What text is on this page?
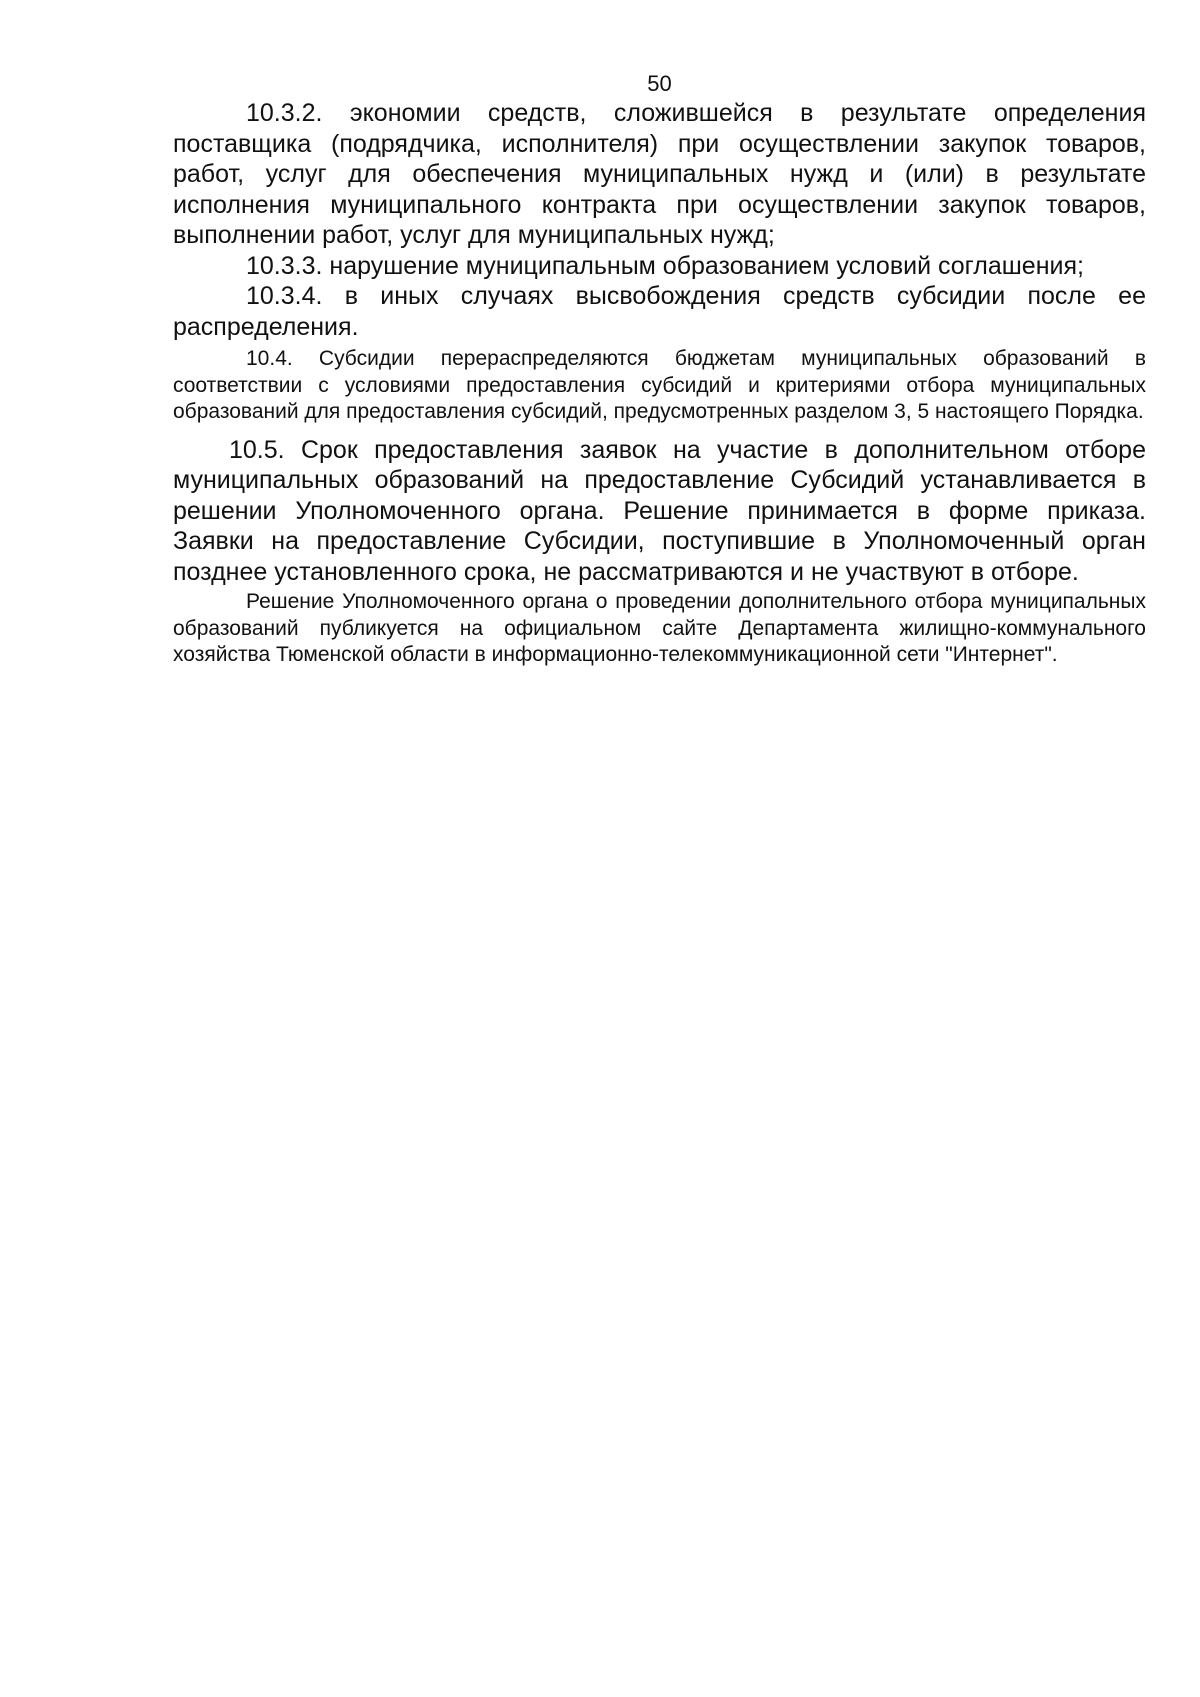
50

10.3.2. экономии средств, сложившейся в результате определения поставщика (подрядчика, исполнителя) при осуществлении закупок товаров, работ, услуг для обеспечения муниципальных нужд и (или) в результате исполнения муниципального контракта при осуществлении закупок товаров, выполнении работ, услуг для муниципальных нужд;

10.3.3. нарушение муниципальным образованием условий соглашения;

10.3.4. в иных случаях высвобождения средств субсидии после ее распределения.

10.4. Субсидии перераспределяются бюджетам муниципальных образований в соответствии с условиями предоставления субсидий и критериями отбора муниципальных образований для предоставления субсидий, предусмотренных разделом 3, 5 настоящего Порядка.

10.5. Срок предоставления заявок на участие в дополнительном отборе муниципальных образований на предоставление Субсидий устанавливается в решении Уполномоченного органа. Решение принимается в форме приказа. Заявки на предоставление Субсидии, поступившие в Уполномоченный орган позднее установленного срока, не рассматриваются и не участвуют в отборе.

Решение Уполномоченного органа о проведении дополнительного отбора муниципальных образований публикуется на официальном сайте Департамента жилищно-коммунального хозяйства Тюменской области в информационно-телекоммуникационной сети "Интернет".
